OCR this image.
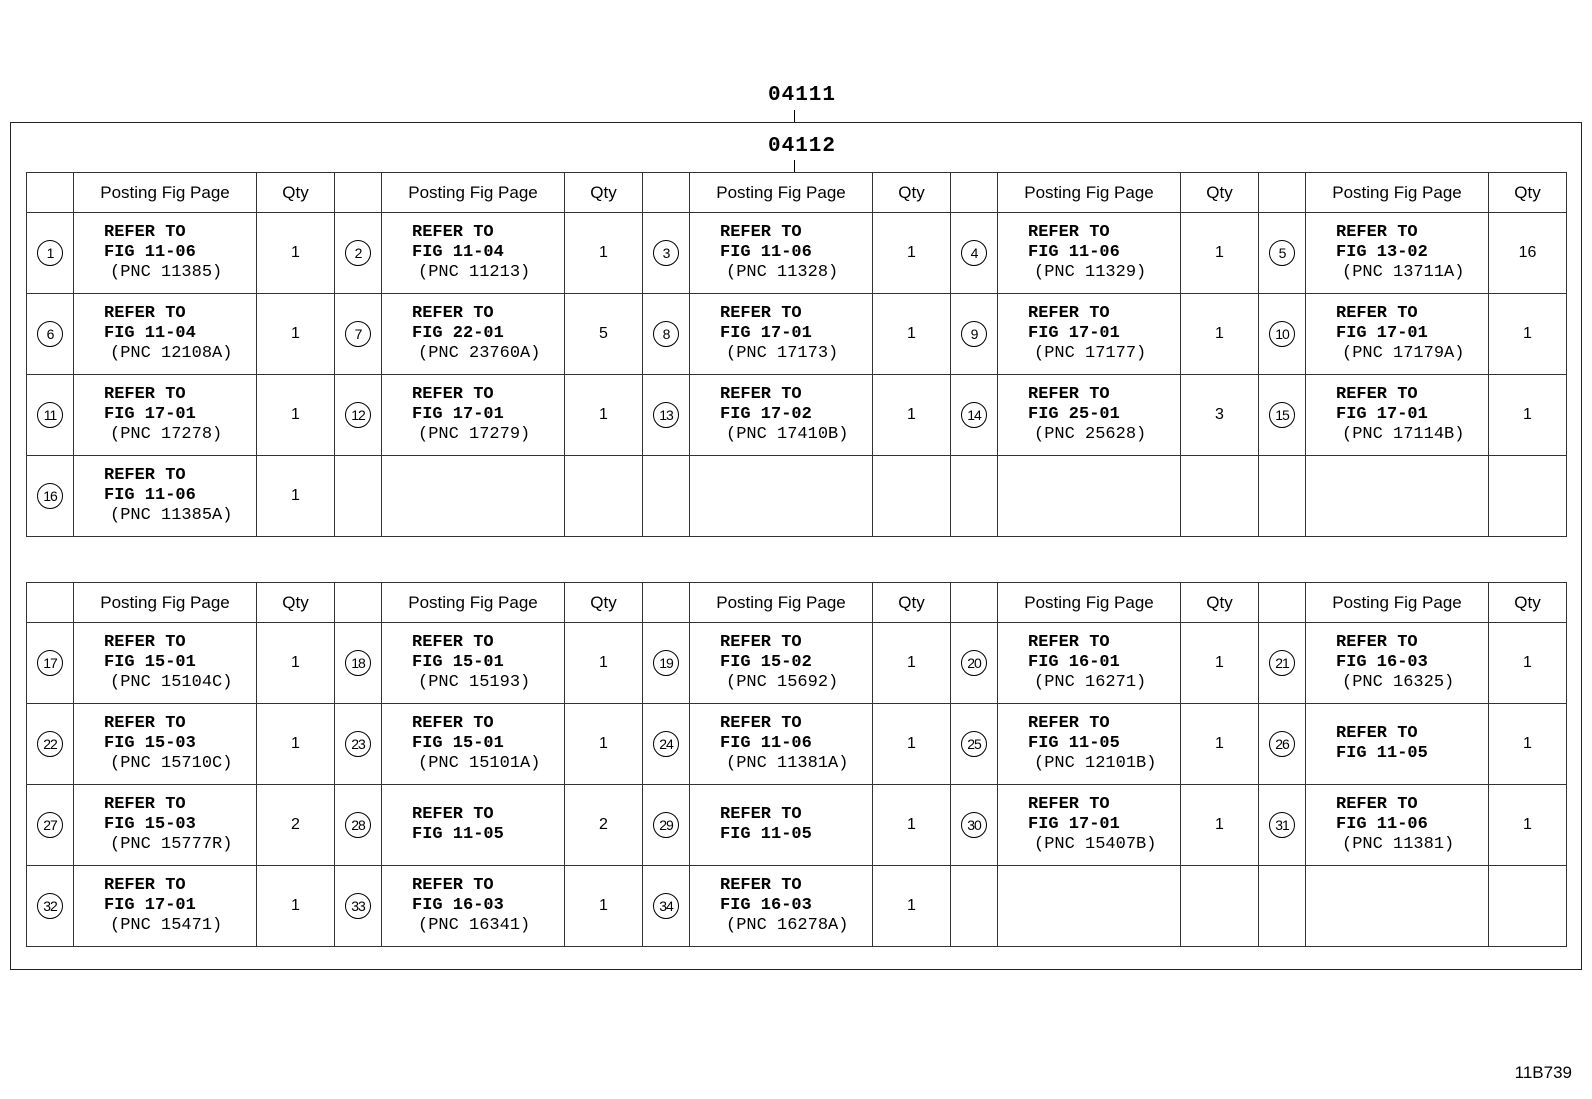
04111
04112
	Posting Fig Page	Qty		Posting Fig Page	Qty		Posting Fig Page	Qty		Posting Fig Page	Qty		Posting Fig Page	Qty
1	REFER TO
FIG 11-06
(PNC 11385)	1	2	REFER TO
FIG 11-04
(PNC 11213)	1	3	REFER TO
FIG 11-06
(PNC 11328)	1	4	REFER TO
FIG 11-06
(PNC 11329)	1	5	REFER TO
FIG 13-02
(PNC 13711A)	16
6	REFER TO
FIG 11-04
(PNC 12108A)	1	7	REFER TO
FIG 22-01
(PNC 23760A)	5	8	REFER TO
FIG 17-01
(PNC 17173)	1	9	REFER TO
FIG 17-01
(PNC 17177)	1	10	REFER TO
FIG 17-01
(PNC 17179A)	1
11	REFER TO
FIG 17-01
(PNC 17278)	1	12	REFER TO
FIG 17-01
(PNC 17279)	1	13	REFER TO
FIG 17-02
(PNC 17410B)	1	14	REFER TO
FIG 25-01
(PNC 25628)	3	15	REFER TO
FIG 17-01
(PNC 17114B)	1
16	REFER TO
FIG 11-06
(PNC 11385A)	1												
	Posting Fig Page	Qty		Posting Fig Page	Qty		Posting Fig Page	Qty		Posting Fig Page	Qty		Posting Fig Page	Qty
17	REFER TO
FIG 15-01
(PNC 15104C)	1	18	REFER TO
FIG 15-01
(PNC 15193)	1	19	REFER TO
FIG 15-02
(PNC 15692)	1	20	REFER TO
FIG 16-01
(PNC 16271)	1	21	REFER TO
FIG 16-03
(PNC 16325)	1
22	REFER TO
FIG 15-03
(PNC 15710C)	1	23	REFER TO
FIG 15-01
(PNC 15101A)	1	24	REFER TO
FIG 11-06
(PNC 11381A)	1	25	REFER TO
FIG 11-05
(PNC 12101B)	1	26	REFER TO
FIG 11-05	1
27	REFER TO
FIG 15-03
(PNC 15777R)	2	28	REFER TO
FIG 11-05	2	29	REFER TO
FIG 11-05	1	30	REFER TO
FIG 17-01
(PNC 15407B)	1	31	REFER TO
FIG 11-06
(PNC 11381)	1
32	REFER TO
FIG 17-01
(PNC 15471)	1	33	REFER TO
FIG 16-03
(PNC 16341)	1	34	REFER TO
FIG 16-03
(PNC 16278A)	1						
11B739
